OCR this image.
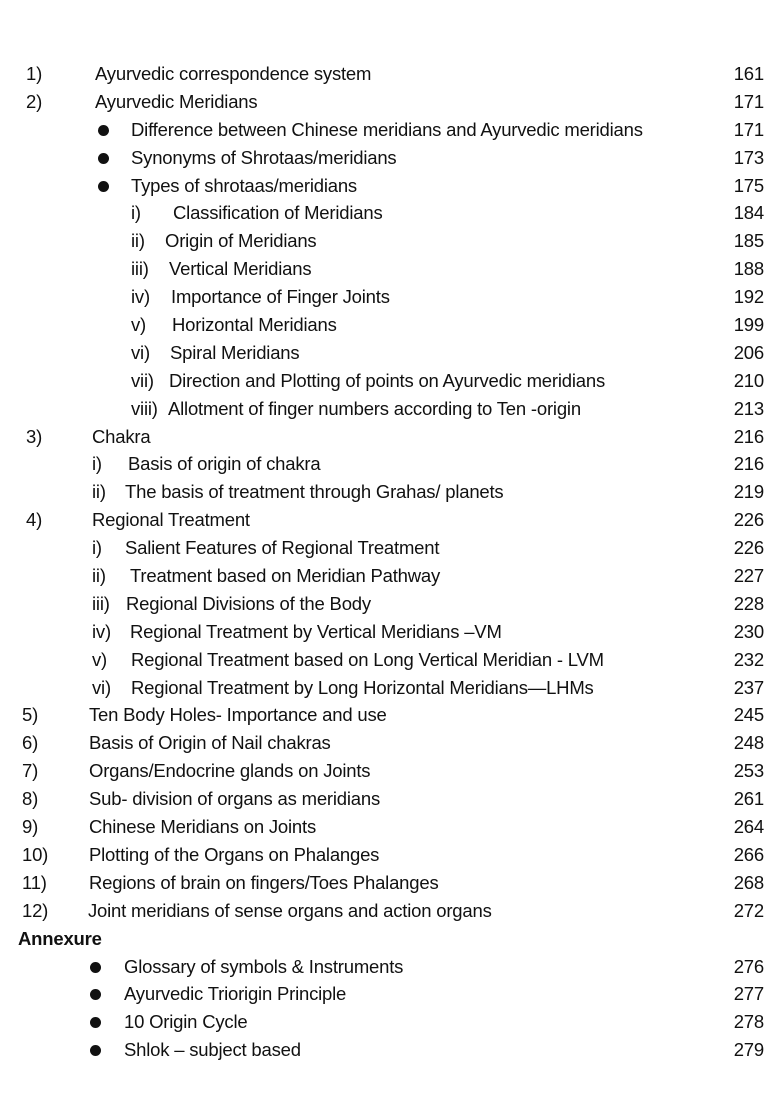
1)	Ayurvedic correspondence system	161
2)	Ayurvedic Meridians	171
Difference between Chinese meridians and Ayurvedic meridians	171
Synonyms of Shrotaas/meridians	173
Types of shrotaas/meridians	175
i) Classification of Meridians	184
ii) Origin of Meridians	185
iii) Vertical Meridians	188
iv) Importance of Finger Joints	192
v) Horizontal Meridians	199
vi) Spiral Meridians	206
vii) Direction and Plotting of points on Ayurvedic meridians	210
viii) Allotment of finger numbers according to Ten -origin	213
3)	Chakra	216
i) Basis of origin of chakra	216
ii) The basis of treatment through Grahas/ planets	219
4)	Regional Treatment	226
i) Salient Features of Regional Treatment	226
ii) Treatment based on Meridian Pathway	227
iii) Regional Divisions of the Body	228
iv) Regional Treatment by Vertical Meridians –VM	230
v) Regional Treatment based on Long Vertical Meridian - LVM	232
vi) Regional Treatment by Long Horizontal Meridians—LHMs	237
5)	Ten Body Holes- Importance and use	245
6)	Basis of Origin of Nail chakras	248
7)	Organs/Endocrine glands on Joints	253
8)	Sub- division of organs as meridians	261
9)	Chinese Meridians on Joints	264
10) Plotting of the Organs on Phalanges	266
11) Regions of brain on fingers/Toes Phalanges	268
12) Joint meridians of sense organs and action organs	272
Annexure
Glossary of symbols & Instruments	276
Ayurvedic Triorigin Principle	277
10 Origin Cycle	278
Shlok – subject based	279
